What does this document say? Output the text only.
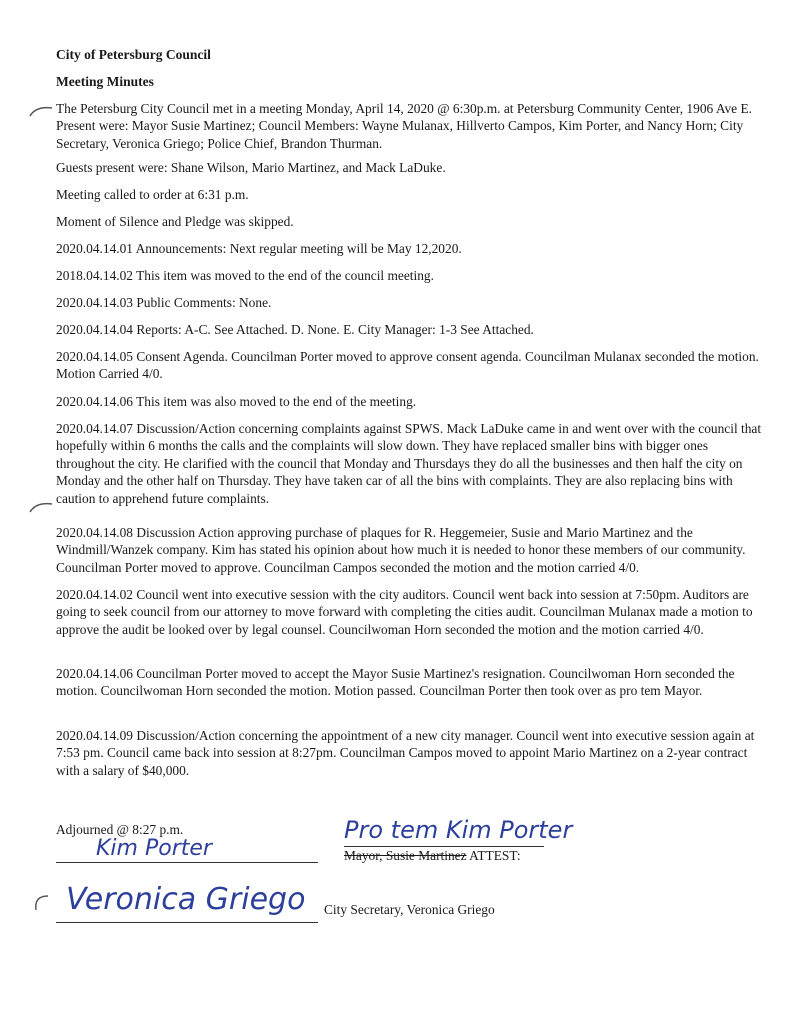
City of Petersburg Council
Meeting Minutes

The Petersburg City Council met in a meeting Monday, April 14, 2020 @ 6:30p.m. at Petersburg Community Center, 1906 Ave E. Present were: Mayor Susie Martinez; Council Members: Wayne Mulanax, Hillverto Campos, Kim Porter, and Nancy Horn; City Secretary, Veronica Griego; Police Chief, Brandon Thurman.

Guests present were: Shane Wilson, Mario Martinez, and Mack LaDuke.

Meeting called to order at 6:31 p.m.

Moment of Silence and Pledge was skipped.

2020.04.14.01 Announcements: Next regular meeting will be May 12,2020.

2018.04.14.02 This item was moved to the end of the council meeting.

2020.04.14.03 Public Comments: None.

2020.04.14.04 Reports: A-C. See Attached. D. None. E. City Manager: 1-3 See Attached.

2020.04.14.05 Consent Agenda. Councilman Porter moved to approve consent agenda. Councilman Mulanax seconded the motion. Motion Carried 4/0.

2020.04.14.06 This item was also moved to the end of the meeting.

2020.04.14.07 Discussion/Action concerning complaints against SPWS. Mack LaDuke came in and went over with the council that hopefully within 6 months the calls and the complaints will slow down. They have replaced smaller bins with bigger ones throughout the city. He clarified with the council that Monday and Thursdays they do all the businesses and then half the city on Monday and the other half on Thursday. They have taken car of all the bins with complaints. They are also replacing bins with caution to apprehend future complaints.

2020.04.14.08 Discussion Action approving purchase of plaques for R. Heggemeier, Susie and Mario Martinez and the Windmill/Wanzek company. Kim has stated his opinion about how much it is needed to honor these members of our community. Councilman Porter moved to approve. Councilman Campos seconded the motion and the motion carried 4/0.

2020.04.14.02 Council went into executive session with the city auditors. Council went back into session at 7:50pm. Auditors are going to seek council from our attorney to move forward with completing the cities audit. Councilman Mulanax made a motion to approve the audit be looked over by legal counsel. Councilwoman Horn seconded the motion and the motion carried 4/0.

2020.04.14.06 Councilman Porter moved to accept the Mayor Susie Martinez's resignation. Councilwoman Horn seconded the motion. Councilwoman Horn seconded the motion. Motion passed. Councilman Porter then took over as pro tem Mayor.

2020.04.14.09 Discussion/Action concerning the appointment of a new city manager. Council went into executive session again at 7:53 pm. Council came back into session at 8:27pm. Councilman Campos moved to appoint Mario Martinez on a 2-year contract with a salary of $40,000.

Adjourned @ 8:27 p.m.
Kim Porter
Pro tem Kim Porter
Mayor, Susie Martinez ATTEST:
Veronica Griego City Secretary, Veronica Griego
